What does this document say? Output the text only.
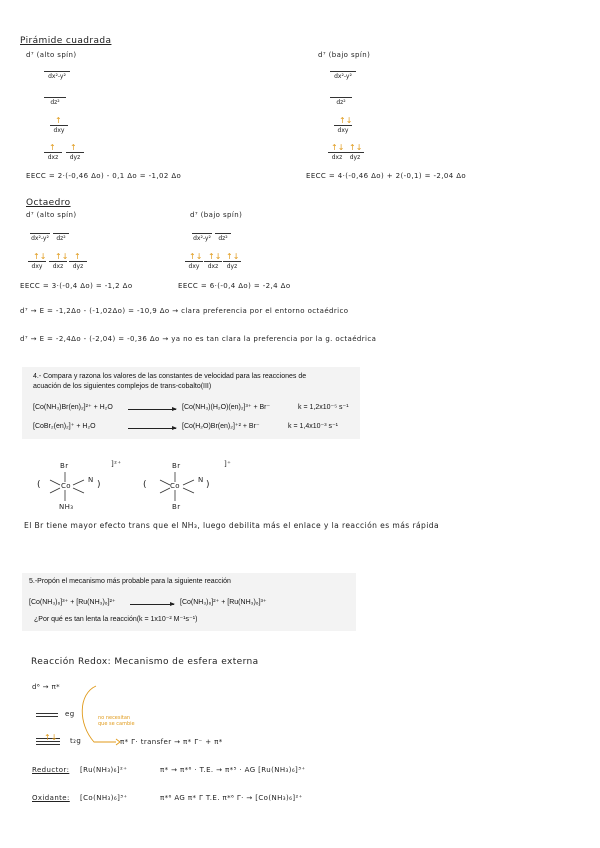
Pirámide cuadrada
d⁷ (alto spín)
dx²-y²
dz²
↑
dxy
↑ ↑
dxz	dyz
EECC = 2·(-0,46 Δo) - 0,1 Δo = -1,02 Δo
d⁷ (bajo spín)
dx²-y²
dz²
↑↓
dxy
↑↓ ↑↓
dxz	dyz
EECC = 4·(-0,46 Δo) + 2(-0,1) = -2,04 Δo
Octaedro
d⁷ (alto spín)
dx²-y²	dz²
↑↓ ↑↓ ↑
dxy	dxz	dyz
EECC = 3·(-0,4 Δo) = -1,2 Δo
d⁷ (bajo spín)
dx²-y²	dz²
↑↓ ↑↓ ↑↓
dxy	dxz	dyz
EECC = 6·(-0,4 Δo) = -2,4 Δo
d⁷ → E = -1,2Δo - (-1,02Δo) = -10,9 Δo → clara preferencia por el entorno octaédrico
d⁷ → E = -2,4Δo - (-2,04) = -0,36 Δo → ya no es tan clara la preferencia por la g. octaédrica
4.- Compara y razona los valores de las constantes de velocidad para las reacciones de
acuación de los siguientes complejos de trans-cobalto(III)
[Co(NH₃)Br(en)₂]²⁺ + H₂O → [Co(NH₃)(H₂O)(en)₂]³⁺ + Br⁻	k = 1,2x10⁻⁵ s⁻¹
[CoBr₂(en)₂]⁺ + H₂O → [Co(H₂O)Br(en)₂]⁺² + Br⁻	k = 1,4x10⁻³ s⁻¹
Br	]²⁺
(	Co
N )
NH₃
Br	]⁺
(	Co
N )
Br
El Br tiene mayor efecto trans que el NH₃, luego debilita más el enlace y la reacción es más rápida
5.-Propón el mecanismo más probable para la siguiente reacción
[Co(NH₃)₆]³⁺ + [Ru(NH₃)₆]²⁺ → [Co(NH₃)₆]²⁺ + [Ru(NH₃)₆]³⁺
¿Por qué es tan lenta la reacción(k = 1x10⁻² M⁻¹s⁻¹)
Reacción Redox: Mecanismo de esfera externa
d⁶ → π*
eg
↑↓ t₂g
no necesitan
que se cambie
π* Γ· transfer → π* Γ⁻ + π*
Reductor: [Ru(NH₃)₆]²⁺	π* → π*⁶ · T.E. → π*⁵ · AG [Ru(NH₃)₆]³⁺
Oxidante: [Co(NH₃)₆]³⁺	π*⁶ AG π* Γ T.E. π*⁶ Γ· → [Co(NH₃)₆]²⁺
